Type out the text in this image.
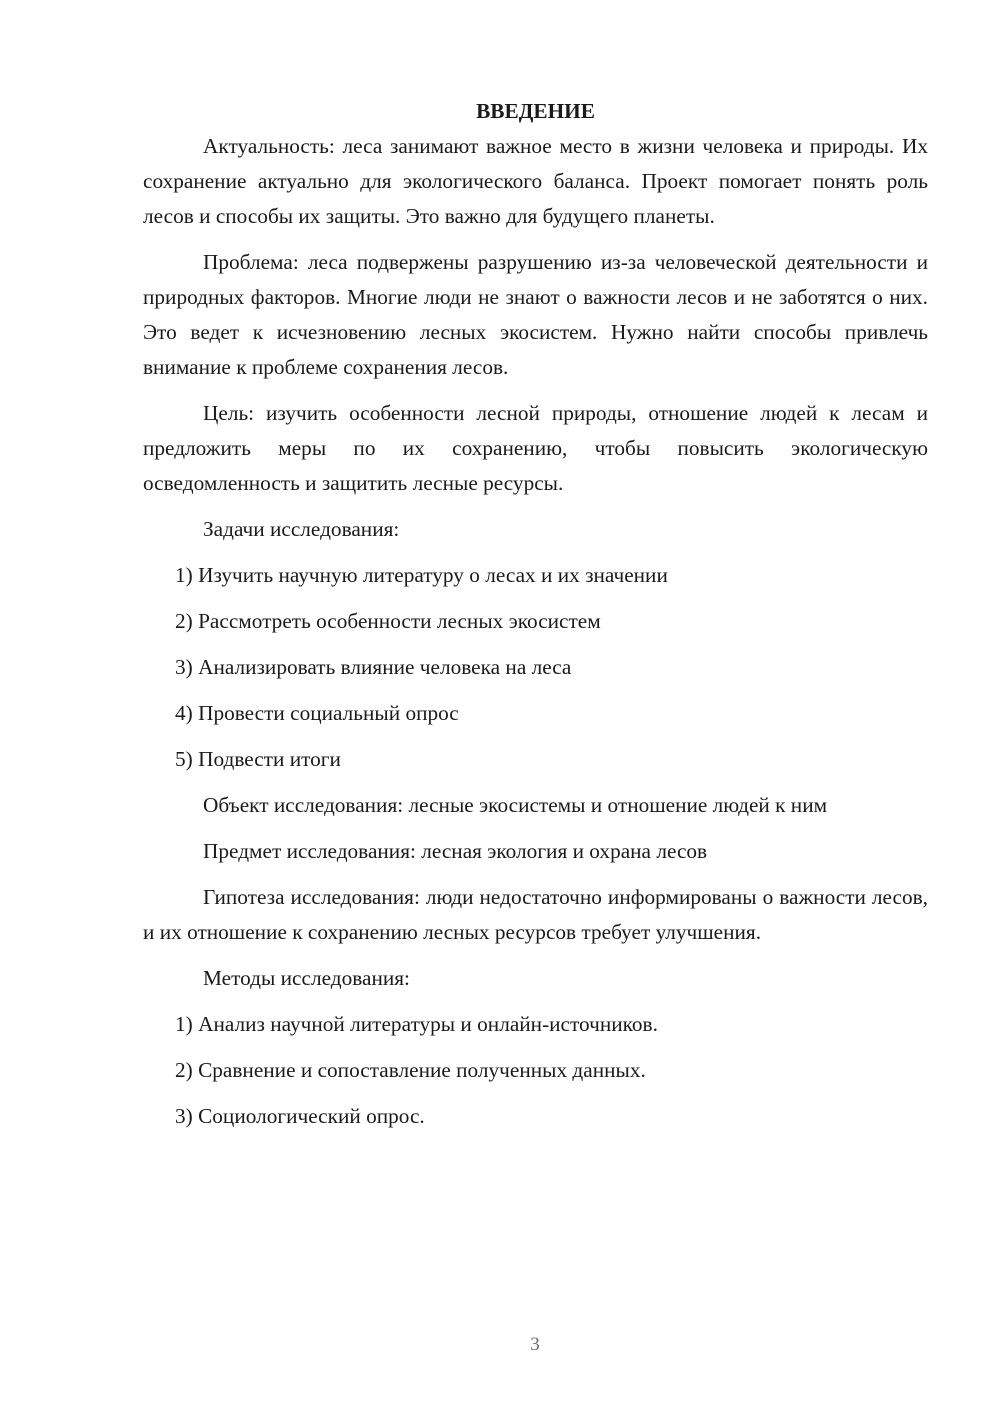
ВВЕДЕНИЕ

Актуальность: леса занимают важное место в жизни человека и природы. Их сохранение актуально для экологического баланса. Проект помогает понять роль лесов и способы их защиты. Это важно для будущего планеты.

Проблема: леса подвержены разрушению из-за человеческой деятельности и природных факторов. Многие люди не знают о важности лесов и не заботятся о них. Это ведет к исчезновению лесных экосистем. Нужно найти способы привлечь внимание к проблеме сохранения лесов.

Цель: изучить особенности лесной природы, отношение людей к лесам и предложить меры по их сохранению, чтобы повысить экологическую осведомленность и защитить лесные ресурсы.

Задачи исследования:

1) Изучить научную литературу о лесах и их значении
2) Рассмотреть особенности лесных экосистем
3) Анализировать влияние человека на леса
4) Провести социальный опрос
5) Подвести итоги

Объект исследования: лесные экосистемы и отношение людей к ним

Предмет исследования: лесная экология и охрана лесов

Гипотеза исследования: люди недостаточно информированы о важности лесов, и их отношение к сохранению лесных ресурсов требует улучшения.

Методы исследования:

1) Анализ научной литературы и онлайн-источников.
2) Сравнение и сопоставление полученных данных.
3) Социологический опрос.
3
